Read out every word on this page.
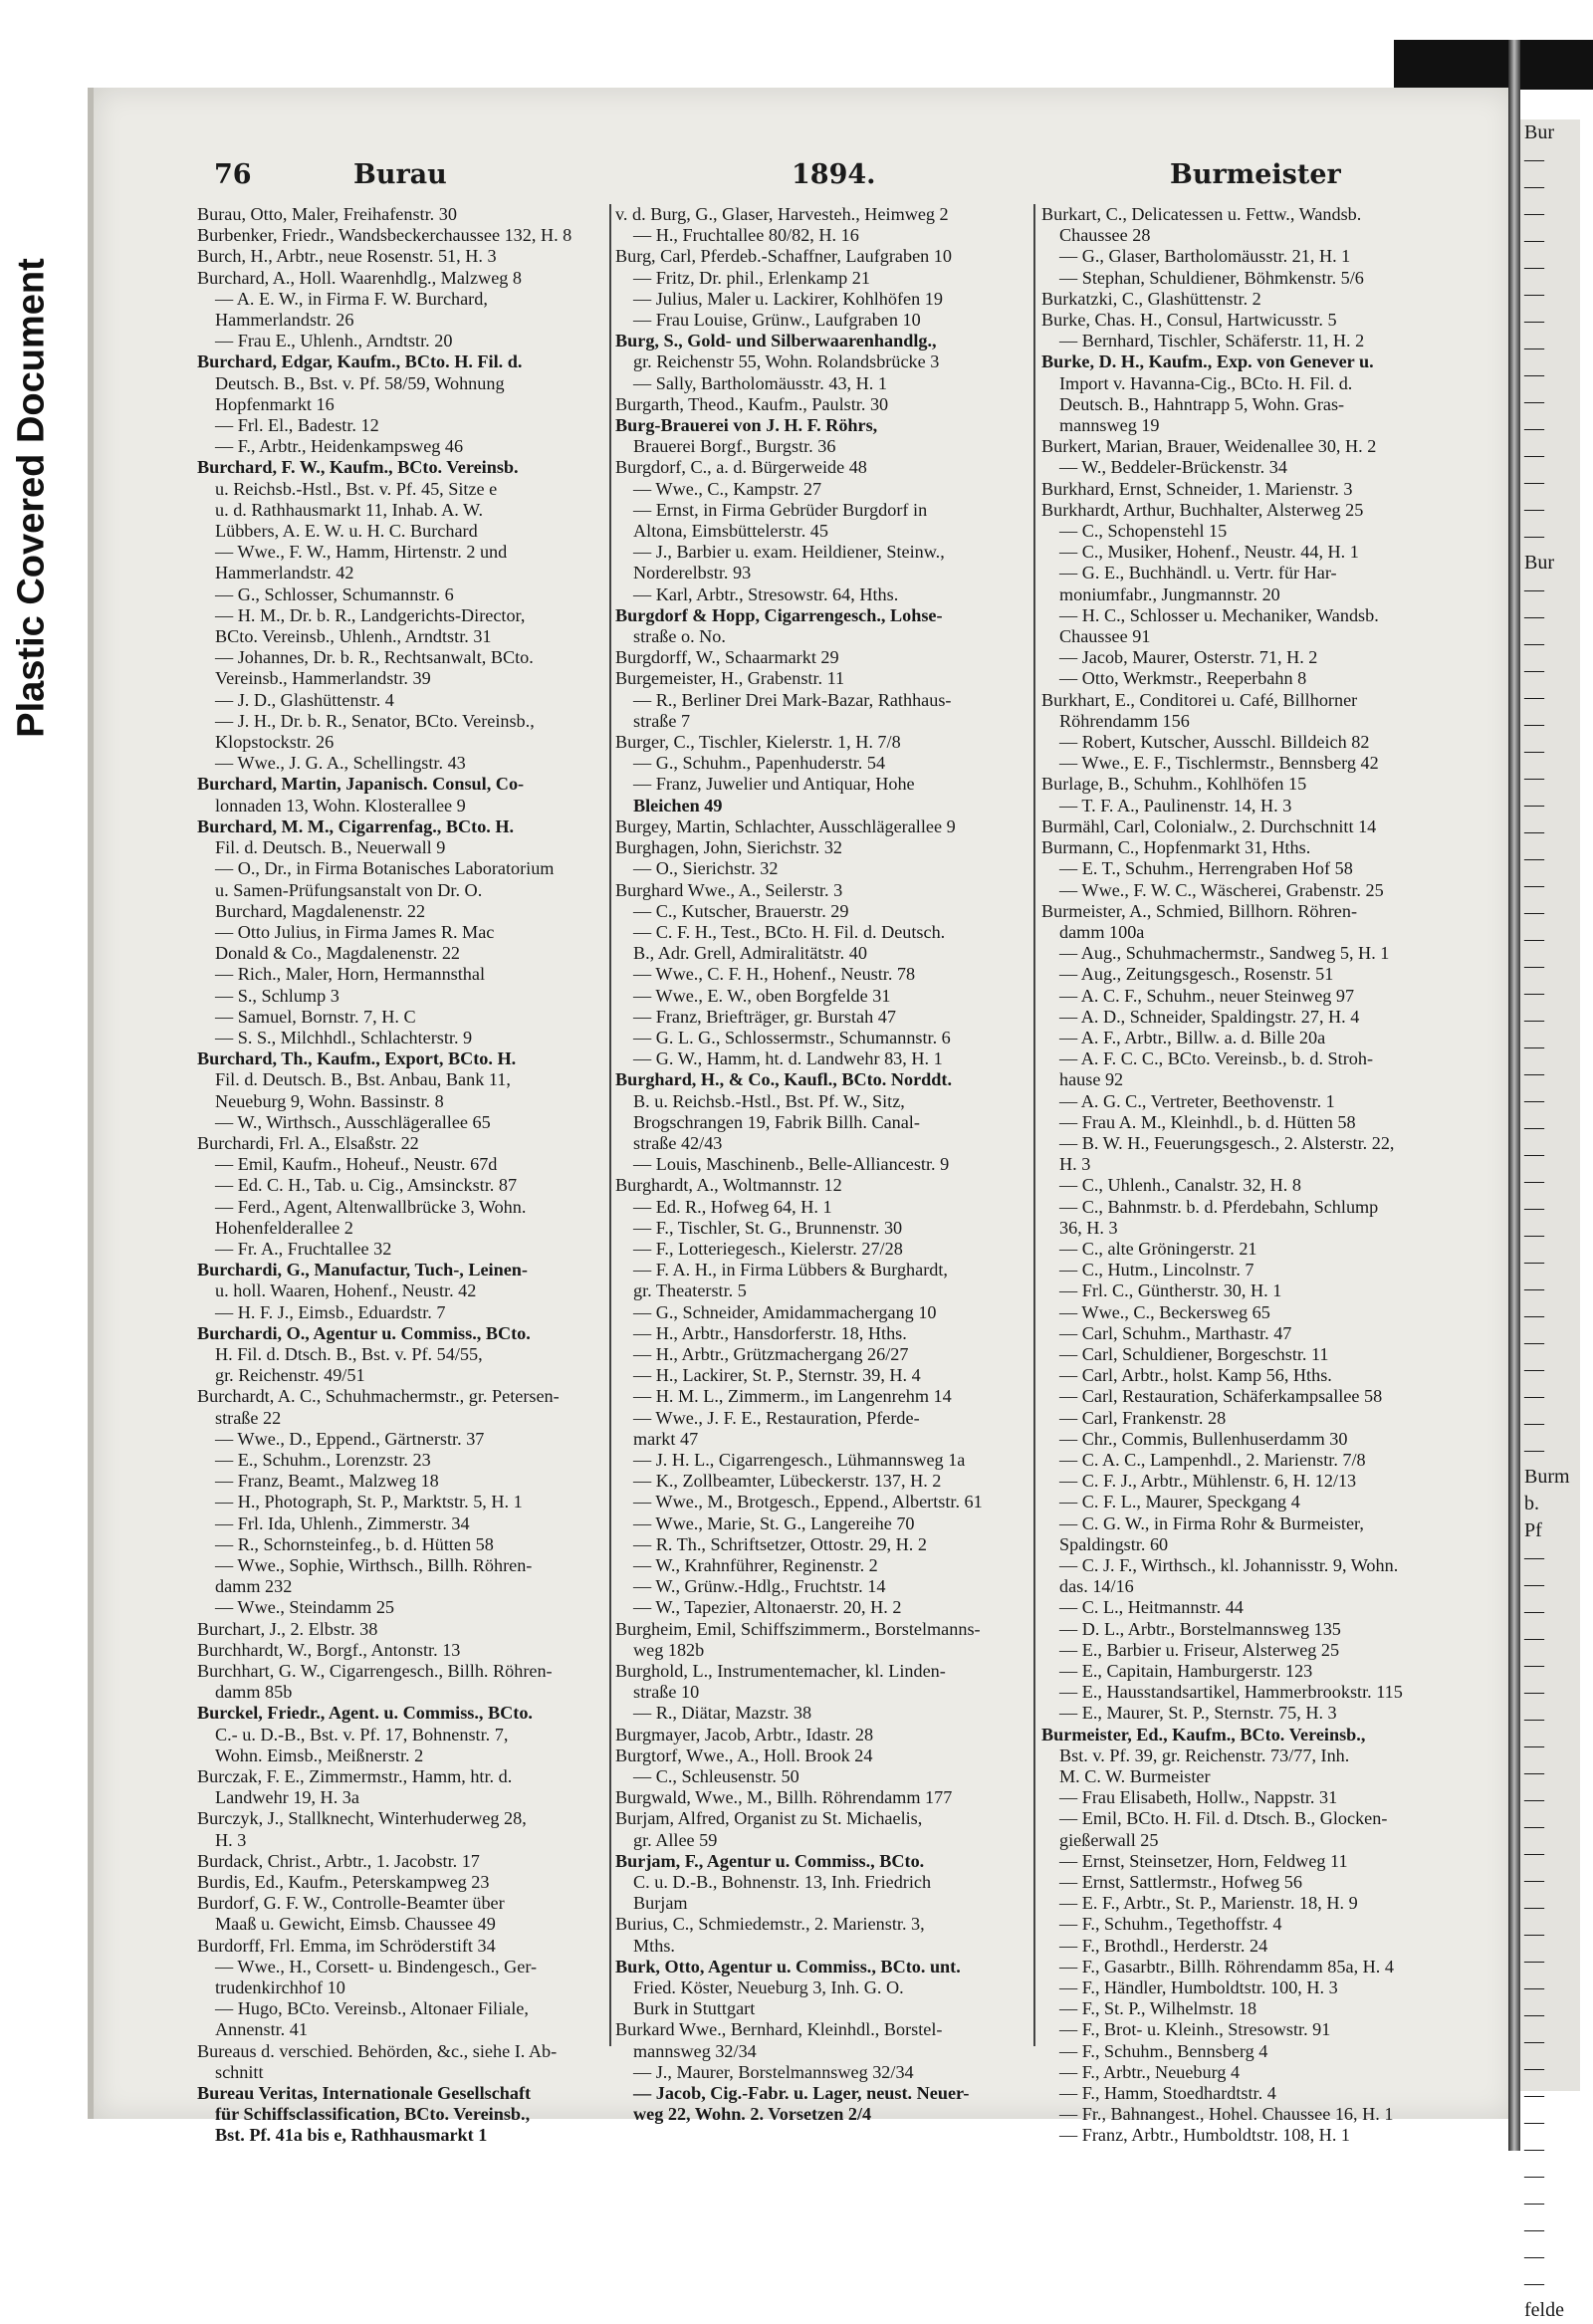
Plastic Covered Document
Bur
—
—
—
—
—
—
—
—
—
—
—
—
—
—
—
Bur
—
—
—
—
—
—
—
—
—
—
—
—
—
—
—
—
—
—
—
—
—
—
—
—
—
—
—
—
—
—
—
—
—
Burm
b.
Pf
—
—
—
—
—
—
—
—
—
—
—
—
—
—
—
—
—
—
—
—
—
—
—
—
—
—
—
—
felde
76	Burau	1894.	Burmeister
Burau, Otto, Maler, Freihafenstr. 30
Burbenker, Friedr., Wandsbeckerchaussee 132, H. 8
Burch, H., Arbtr., neue Rosenstr. 51, H. 3
Burchard, A., Holl. Waarenhdlg., Malzweg 8
— A. E. W., in Firma F. W. Burchard,
Hammerlandstr. 26
— Frau E., Uhlenh., Arndtstr. 20
Burchard, Edgar, Kaufm., BCto. H. Fil. d.
Deutsch. B., Bst. v. Pf. 58/59, Wohnung
Hopfenmarkt 16
— Frl. El., Badestr. 12
— F., Arbtr., Heidenkampsweg 46
Burchard, F. W., Kaufm., BCto. Vereinsb.
u. Reichsb.-Hstl., Bst. v. Pf. 45, Sitze e
u. d. Rathhausmarkt 11, Inhab. A. W.
Lübbers, A. E. W. u. H. C. Burchard
— Wwe., F. W., Hamm, Hirtenstr. 2 und
Hammerlandstr. 42
— G., Schlosser, Schumannstr. 6
— H. M., Dr. b. R., Landgerichts-Director,
BCto. Vereinsb., Uhlenh., Arndtstr. 31
— Johannes, Dr. b. R., Rechtsanwalt, BCto.
Vereinsb., Hammerlandstr. 39
— J. D., Glashüttenstr. 4
— J. H., Dr. b. R., Senator, BCto. Vereinsb.,
Klopstockstr. 26
— Wwe., J. G. A., Schellingstr. 43
Burchard, Martin, Japanisch. Consul, Co-
lonnaden 13, Wohn. Klosterallee 9
Burchard, M. M., Cigarrenfag., BCto. H.
Fil. d. Deutsch. B., Neuerwall 9
— O., Dr., in Firma Botanisches Laboratorium
u. Samen-Prüfungsanstalt von Dr. O.
Burchard, Magdalenenstr. 22
— Otto Julius, in Firma James R. Mac
Donald & Co., Magdalenenstr. 22
— Rich., Maler, Horn, Hermannsthal
— S., Schlump 3
— Samuel, Bornstr. 7, H. C
— S. S., Milchhdl., Schlachterstr. 9
Burchard, Th., Kaufm., Export, BCto. H.
Fil. d. Deutsch. B., Bst. Anbau, Bank 11,
Neueburg 9, Wohn. Bassinstr. 8
— W., Wirthsch., Ausschlägerallee 65
Burchardi, Frl. A., Elsaßstr. 22
— Emil, Kaufm., Hoheuf., Neustr. 67d
— Ed. C. H., Tab. u. Cig., Amsinckstr. 87
— Ferd., Agent, Altenwallbrücke 3, Wohn.
Hohenfelderallee 2
— Fr. A., Fruchtallee 32
Burchardi, G., Manufactur, Tuch-, Leinen-
u. holl. Waaren, Hohenf., Neustr. 42
— H. F. J., Eimsb., Eduardstr. 7
Burchardi, O., Agentur u. Commiss., BCto.
H. Fil. d. Dtsch. B., Bst. v. Pf. 54/55,
gr. Reichenstr. 49/51
Burchardt, A. C., Schuhmachermstr., gr. Petersen-
straße 22
— Wwe., D., Eppend., Gärtnerstr. 37
— E., Schuhm., Lorenzstr. 23
— Franz, Beamt., Malzweg 18
— H., Photograph, St. P., Marktstr. 5, H. 1
— Frl. Ida, Uhlenh., Zimmerstr. 34
— R., Schornsteinfeg., b. d. Hütten 58
— Wwe., Sophie, Wirthsch., Billh. Röhren-
damm 232
— Wwe., Steindamm 25
Burchart, J., 2. Elbstr. 38
Burchhardt, W., Borgf., Antonstr. 13
Burchhart, G. W., Cigarrengesch., Billh. Röhren-
damm 85b
Burckel, Friedr., Agent. u. Commiss., BCto.
C.- u. D.-B., Bst. v. Pf. 17, Bohnenstr. 7,
Wohn. Eimsb., Meißnerstr. 2
Burczak, F. E., Zimmermstr., Hamm, htr. d.
Landwehr 19, H. 3a
Burczyk, J., Stallknecht, Winterhuderweg 28,
H. 3
Burdack, Christ., Arbtr., 1. Jacobstr. 17
Burdis, Ed., Kaufm., Peterskampweg 23
Burdorf, G. F. W., Controlle-Beamter über
Maaß u. Gewicht, Eimsb. Chaussee 49
Burdorff, Frl. Emma, im Schröderstift 34
— Wwe., H., Corsett- u. Bindengesch., Ger-
trudenkirchhof 10
— Hugo, BCto. Vereinsb., Altonaer Filiale,
Annenstr. 41
Bureaus d. verschied. Behörden, &c., siehe I. Ab-
schnitt
Bureau Veritas, Internationale Gesellschaft
für Schiffsclassification, BCto. Vereinsb.,
Bst. Pf. 41a bis e, Rathhausmarkt 1
v. d. Burg, G., Glaser, Harvesteh., Heimweg 2
— H., Fruchtallee 80/82, H. 16
Burg, Carl, Pferdeb.-Schaffner, Laufgraben 10
— Fritz, Dr. phil., Erlenkamp 21
— Julius, Maler u. Lackirer, Kohlhöfen 19
— Frau Louise, Grünw., Laufgraben 10
Burg, S., Gold- und Silberwaarenhandlg.,
gr. Reichenstr 55, Wohn. Rolandsbrücke 3
— Sally, Bartholomäusstr. 43, H. 1
Burgarth, Theod., Kaufm., Paulstr. 30
Burg-Brauerei von J. H. F. Röhrs,
Brauerei Borgf., Burgstr. 36
Burgdorf, C., a. d. Bürgerweide 48
— Wwe., C., Kampstr. 27
— Ernst, in Firma Gebrüder Burgdorf in
Altona, Eimsbüttelerstr. 45
— J., Barbier u. exam. Heildiener, Steinw.,
Norderelbstr. 93
— Karl, Arbtr., Stresowstr. 64, Hths.
Burgdorf & Hopp, Cigarrengesch., Lohse-
straße o. No.
Burgdorff, W., Schaarmarkt 29
Burgemeister, H., Grabenstr. 11
— R., Berliner Drei Mark-Bazar, Rathhaus-
straße 7
Burger, C., Tischler, Kielerstr. 1, H. 7/8
— G., Schuhm., Papenhuderstr. 54
— Franz, Juwelier und Antiquar, Hohe
Bleichen 49
Burgey, Martin, Schlachter, Ausschlägerallee 9
Burghagen, John, Sierichstr. 32
— O., Sierichstr. 32
Burghard Wwe., A., Seilerstr. 3
— C., Kutscher, Brauerstr. 29
— C. F. H., Test., BCto. H. Fil. d. Deutsch.
B., Adr. Grell, Admiralitätstr. 40
— Wwe., C. F. H., Hohenf., Neustr. 78
— Wwe., E. W., oben Borgfelde 31
— Franz, Briefträger, gr. Burstah 47
— G. L. G., Schlossermstr., Schumannstr. 6
— G. W., Hamm, ht. d. Landwehr 83, H. 1
Burghard, H., & Co., Kaufl., BCto. Norddt.
B. u. Reichsb.-Hstl., Bst. Pf. W., Sitz,
Brogschrangen 19, Fabrik Billh. Canal-
straße 42/43
— Louis, Maschinenb., Belle-Alliancestr. 9
Burghardt, A., Woltmannstr. 12
— Ed. R., Hofweg 64, H. 1
— F., Tischler, St. G., Brunnenstr. 30
— F., Lotteriegesch., Kielerstr. 27/28
— F. A. H., in Firma Lübbers & Burghardt,
gr. Theaterstr. 5
— G., Schneider, Amidammachergang 10
— H., Arbtr., Hansdorferstr. 18, Hths.
— H., Arbtr., Grützmachergang 26/27
— H., Lackirer, St. P., Sternstr. 39, H. 4
— H. M. L., Zimmerm., im Langenrehm 14
— Wwe., J. F. E., Restauration, Pferde-
markt 47
— J. H. L., Cigarrengesch., Lühmannsweg 1a
— K., Zollbeamter, Lübeckerstr. 137, H. 2
— Wwe., M., Brotgesch., Eppend., Albertstr. 61
— Wwe., Marie, St. G., Langereihe 70
— R. Th., Schriftsetzer, Ottostr. 29, H. 2
— W., Krahnführer, Reginenstr. 2
— W., Grünw.-Hdlg., Fruchtstr. 14
— W., Tapezier, Altonaerstr. 20, H. 2
Burgheim, Emil, Schiffszimmerm., Borstelmanns-
weg 182b
Burghold, L., Instrumentemacher, kl. Linden-
straße 10
— R., Diätar, Mazstr. 38
Burgmayer, Jacob, Arbtr., Idastr. 28
Burgtorf, Wwe., A., Holl. Brook 24
— C., Schleusenstr. 50
Burgwald, Wwe., M., Billh. Röhrendamm 177
Burjam, Alfred, Organist zu St. Michaelis,
gr. Allee 59
Burjam, F., Agentur u. Commiss., BCto.
C. u. D.-B., Bohnenstr. 13, Inh. Friedrich
Burjam
Burius, C., Schmiedemstr., 2. Marienstr. 3,
Mths.
Burk, Otto, Agentur u. Commiss., BCto. unt.
Fried. Köster, Neueburg 3, Inh. G. O.
Burk in Stuttgart
Burkard Wwe., Bernhard, Kleinhdl., Borstel-
mannsweg 32/34
— J., Maurer, Borstelmannsweg 32/34
— Jacob, Cig.-Fabr. u. Lager, neust. Neuer-
weg 22, Wohn. 2. Vorsetzen 2/4
Burkart, C., Delicatessen u. Fettw., Wandsb.
Chaussee 28
— G., Glaser, Bartholomäusstr. 21, H. 1
— Stephan, Schuldiener, Böhmkenstr. 5/6
Burkatzki, C., Glashüttenstr. 2
Burke, Chas. H., Consul, Hartwicusstr. 5
— Bernhard, Tischler, Schäferstr. 11, H. 2
Burke, D. H., Kaufm., Exp. von Genever u.
Import v. Havanna-Cig., BCto. H. Fil. d.
Deutsch. B., Hahntrapp 5, Wohn. Gras-
mannsweg 19
Burkert, Marian, Brauer, Weidenallee 30, H. 2
— W., Beddeler-Brückenstr. 34
Burkhard, Ernst, Schneider, 1. Marienstr. 3
Burkhardt, Arthur, Buchhalter, Alsterweg 25
— C., Schopenstehl 15
— C., Musiker, Hohenf., Neustr. 44, H. 1
— G. E., Buchhändl. u. Vertr. für Har-
moniumfabr., Jungmannstr. 20
— H. C., Schlosser u. Mechaniker, Wandsb.
Chaussee 91
— Jacob, Maurer, Osterstr. 71, H. 2
— Otto, Werkmstr., Reeperbahn 8
Burkhart, E., Conditorei u. Café, Billhorner
Röhrendamm 156
— Robert, Kutscher, Ausschl. Billdeich 82
— Wwe., E. F., Tischlermstr., Bennsberg 42
Burlage, B., Schuhm., Kohlhöfen 15
— T. F. A., Paulinenstr. 14, H. 3
Burmähl, Carl, Colonialw., 2. Durchschnitt 14
Burmann, C., Hopfenmarkt 31, Hths.
— E. T., Schuhm., Herrengraben Hof 58
— Wwe., F. W. C., Wäscherei, Grabenstr. 25
Burmeister, A., Schmied, Billhorn. Röhren-
damm 100a
— Aug., Schuhmachermstr., Sandweg 5, H. 1
— Aug., Zeitungsgesch., Rosenstr. 51
— A. C. F., Schuhm., neuer Steinweg 97
— A. D., Schneider, Spaldingstr. 27, H. 4
— A. F., Arbtr., Billw. a. d. Bille 20a
— A. F. C. C., BCto. Vereinsb., b. d. Stroh-
hause 92
— A. G. C., Vertreter, Beethovenstr. 1
— Frau A. M., Kleinhdl., b. d. Hütten 58
— B. W. H., Feuerungsgesch., 2. Alsterstr. 22,
H. 3
— C., Uhlenh., Canalstr. 32, H. 8
— C., Bahnmstr. b. d. Pferdebahn, Schlump
36, H. 3
— C., alte Gröningerstr. 21
— C., Hutm., Lincolnstr. 7
— Frl. C., Güntherstr. 30, H. 1
— Wwe., C., Beckersweg 65
— Carl, Schuhm., Marthastr. 47
— Carl, Schuldiener, Borgeschstr. 11
— Carl, Arbtr., holst. Kamp 56, Hths.
— Carl, Restauration, Schäferkampsallee 58
— Carl, Frankenstr. 28
— Chr., Commis, Bullenhuserdamm 30
— C. A. C., Lampenhdl., 2. Marienstr. 7/8
— C. F. J., Arbtr., Mühlenstr. 6, H. 12/13
— C. F. L., Maurer, Speckgang 4
— C. G. W., in Firma Rohr & Burmeister,
Spaldingstr. 60
— C. J. F., Wirthsch., kl. Johannisstr. 9, Wohn.
das. 14/16
— C. L., Heitmannstr. 44
— D. L., Arbtr., Borstelmannsweg 135
— E., Barbier u. Friseur, Alsterweg 25
— E., Capitain, Hamburgerstr. 123
— E., Hausstandsartikel, Hammerbrookstr. 115
— E., Maurer, St. P., Sternstr. 75, H. 3
Burmeister, Ed., Kaufm., BCto. Vereinsb.,
Bst. v. Pf. 39, gr. Reichenstr. 73/77, Inh.
M. C. W. Burmeister
— Frau Elisabeth, Hollw., Nappstr. 31
— Emil, BCto. H. Fil. d. Dtsch. B., Glocken-
gießerwall 25
— Ernst, Steinsetzer, Horn, Feldweg 11
— Ernst, Sattlermstr., Hofweg 56
— E. F., Arbtr., St. P., Marienstr. 18, H. 9
— F., Schuhm., Tegethoffstr. 4
— F., Brothdl., Herderstr. 24
— F., Gasarbtr., Billh. Röhrendamm 85a, H. 4
— F., Händler, Humboldtstr. 100, H. 3
— F., St. P., Wilhelmstr. 18
— F., Brot- u. Kleinh., Stresowstr. 91
— F., Schuhm., Bennsberg 4
— F., Arbtr., Neueburg 4
— F., Hamm, Stoedhardtstr. 4
— Fr., Bahnangest., Hohel. Chaussee 16, H. 1
— Franz, Arbtr., Humboldtstr. 108, H. 1
